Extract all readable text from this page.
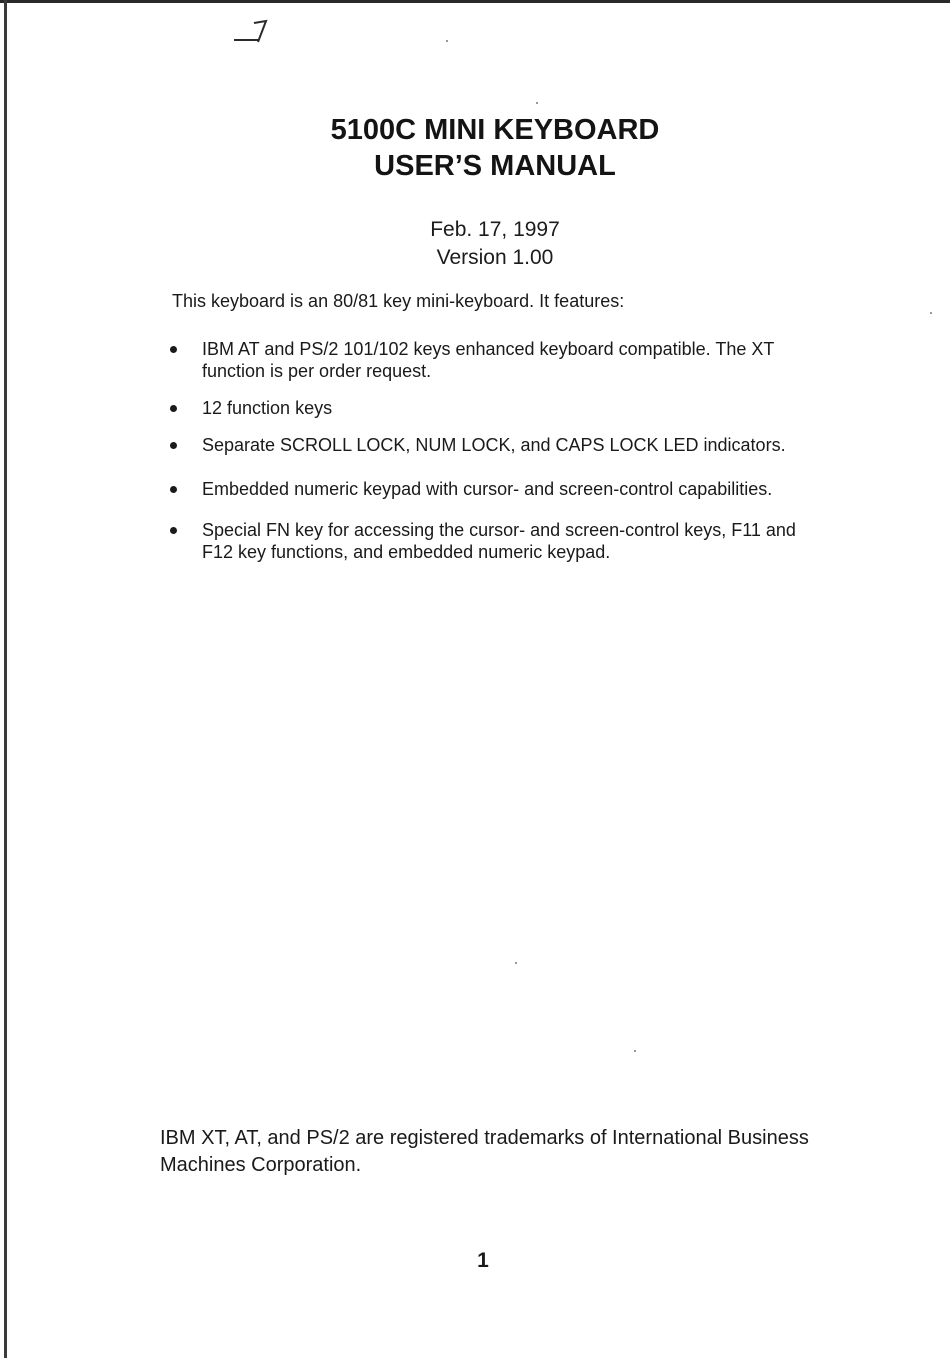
5100C MINI KEYBOARD
USER’S MANUAL
Feb. 17, 1997
Version 1.00
This keyboard is an 80/81 key mini-keyboard. It features:
IBM AT and PS/2 101/102 keys enhanced keyboard compatible. The XT function is per order request.
12 function keys
Separate SCROLL LOCK, NUM LOCK, and CAPS LOCK LED indicators.
Embedded numeric keypad with cursor- and screen-control capabilities.
Special FN key for accessing the cursor- and screen-control keys, F11 and F12 key functions, and embedded numeric keypad.
IBM XT, AT, and PS/2 are registered trademarks of International Business Machines Corporation.
1
